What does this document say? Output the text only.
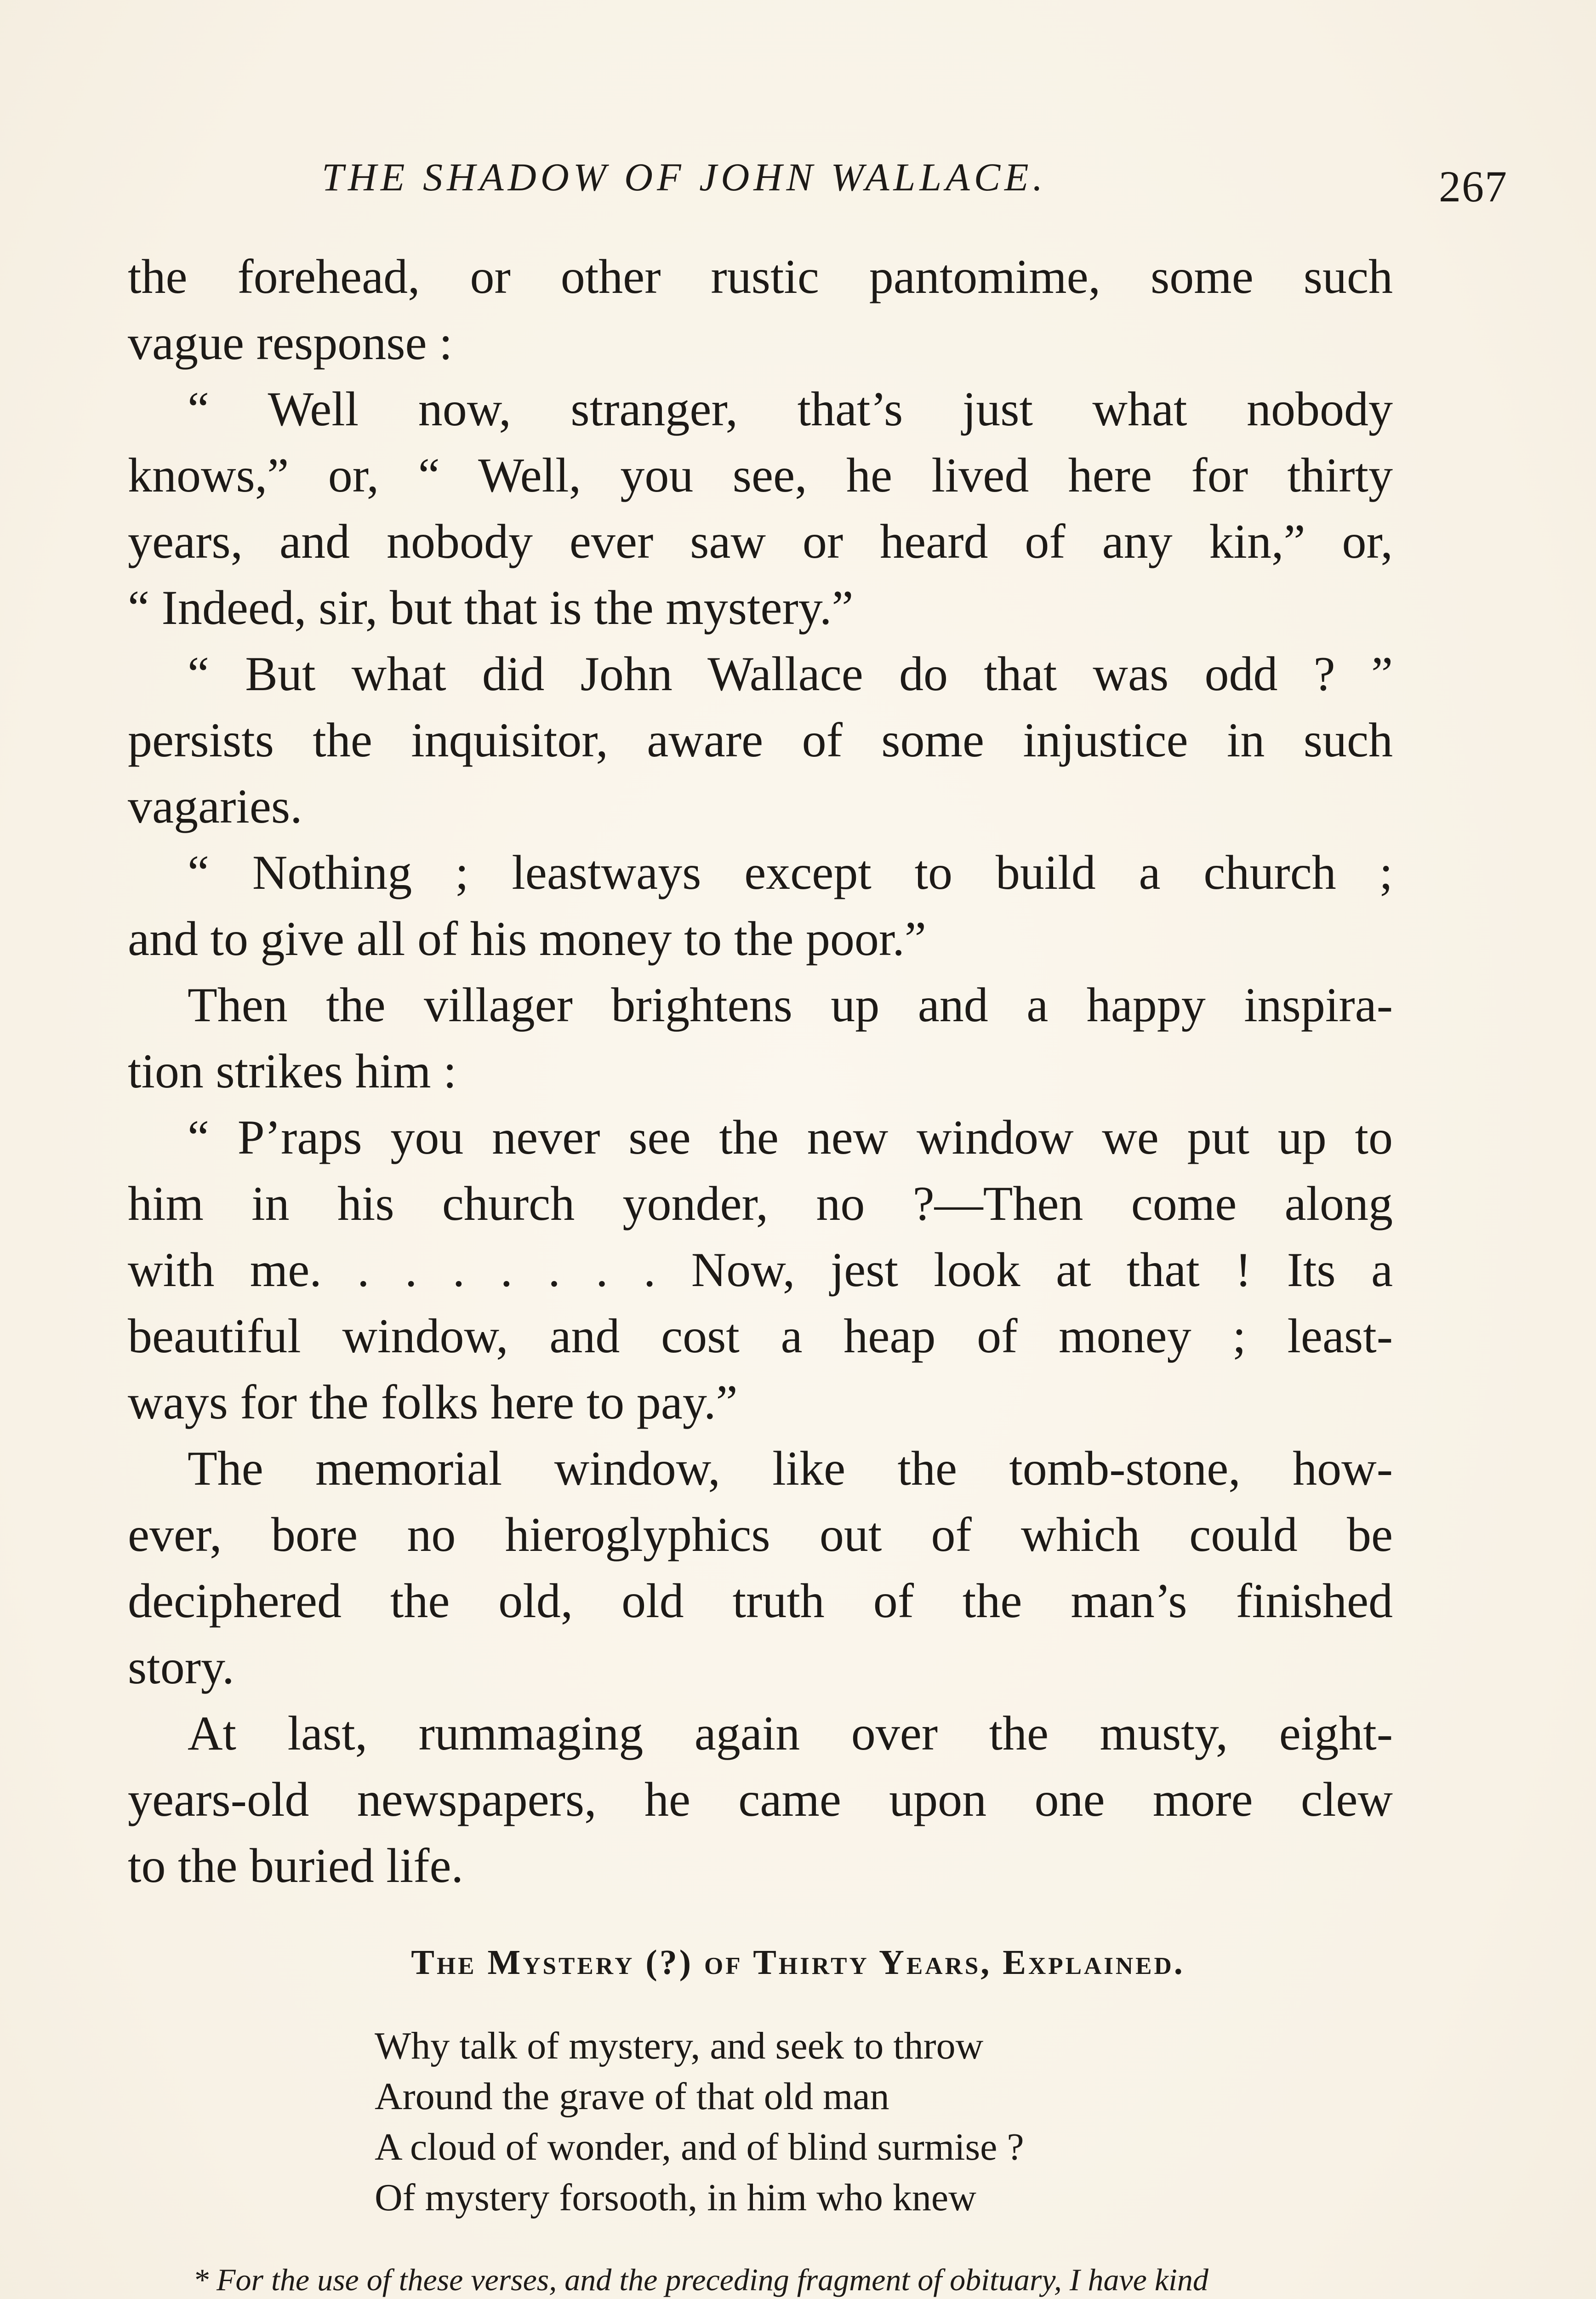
THE SHADOW OF JOHN WALLACE.	267
the forehead, or other rustic pantomime, some such
vague response :
“ Well now, stranger, that’s just what nobody
knows,” or, “ Well, you see, he lived here for thirty
years, and nobody ever saw or heard of any kin,” or,
“ Indeed, sir, but that is the mystery.”
“ But what did John Wallace do that was odd ? ”
persists the inquisitor, aware of some injustice in such
vagaries.
“ Nothing ; leastways except to build a church ;
and to give all of his money to the poor.”
Then the villager brightens up and a happy inspira-
tion strikes him :
“ P’raps you never see the new window we put up to
him in his church yonder, no ?—Then come along
with me. . . . . . . . Now, jest look at that ! Its a
beautiful window, and cost a heap of money ; least-
ways for the folks here to pay.”
The memorial window, like the tomb-stone, how-
ever, bore no hieroglyphics out of which could be
deciphered the old, old truth of the man’s finished
story.
At last, rummaging again over the musty, eight-
years-old newspapers, he came upon one more clew
to the buried life.
The Mystery (?) of Thirty Years, Explained.
Why talk of mystery, and seek to throw
Around the grave of that old man
A cloud of wonder, and of blind surmise ?
Of mystery forsooth, in him who knew
* For the use of these verses, and the preceding fragment of obituary, I have kind
